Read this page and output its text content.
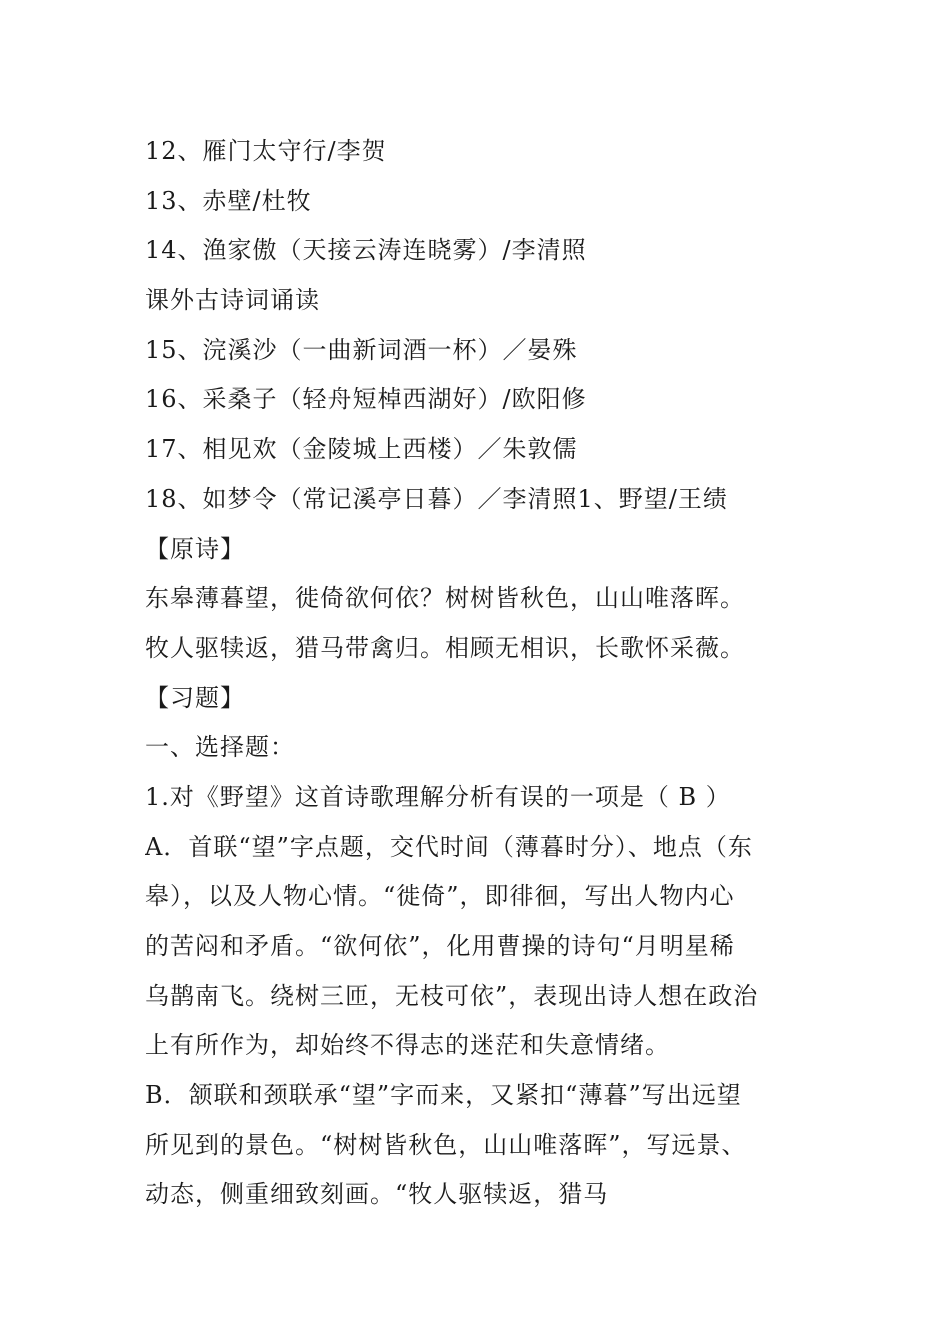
12、雁门太守行/李贺
13、赤壁/杜牧
14、渔家傲（天接云涛连晓雾）/李清照
课外古诗词诵读
15、浣溪沙（一曲新词酒一杯）／晏殊
16、采桑子（轻舟短棹西湖好）/欧阳修
17、相见欢（金陵城上西楼）／朱敦儒
18、如梦令（常记溪亭日暮）／李清照1、野望/王绩
【原诗】
东皋薄暮望，徙倚欲何依？树树皆秋色，山山唯落晖。
牧人驱犊返，猎马带禽归。相顾无相识，长歌怀采薇。
【习题】
一、选择题：
1.对《野望》这首诗歌理解分析有误的一项是（ B ）
A．首联“望”字点题，交代时间（薄暮时分）、地点（东
皋），以及人物心情。“徙倚”，即徘徊，写出人物内心
的苦闷和矛盾。“欲何依”，化用曹操的诗句“月明星稀
乌鹊南飞。绕树三匝，无枝可依”，表现出诗人想在政治
上有所作为，却始终不得志的迷茫和失意情绪。
B．颔联和颈联承“望”字而来，又紧扣“薄暮”写出远望
所见到的景色。“树树皆秋色，山山唯落晖”，写远景、
动态，侧重细致刻画。“牧人驱犊返，猎马
